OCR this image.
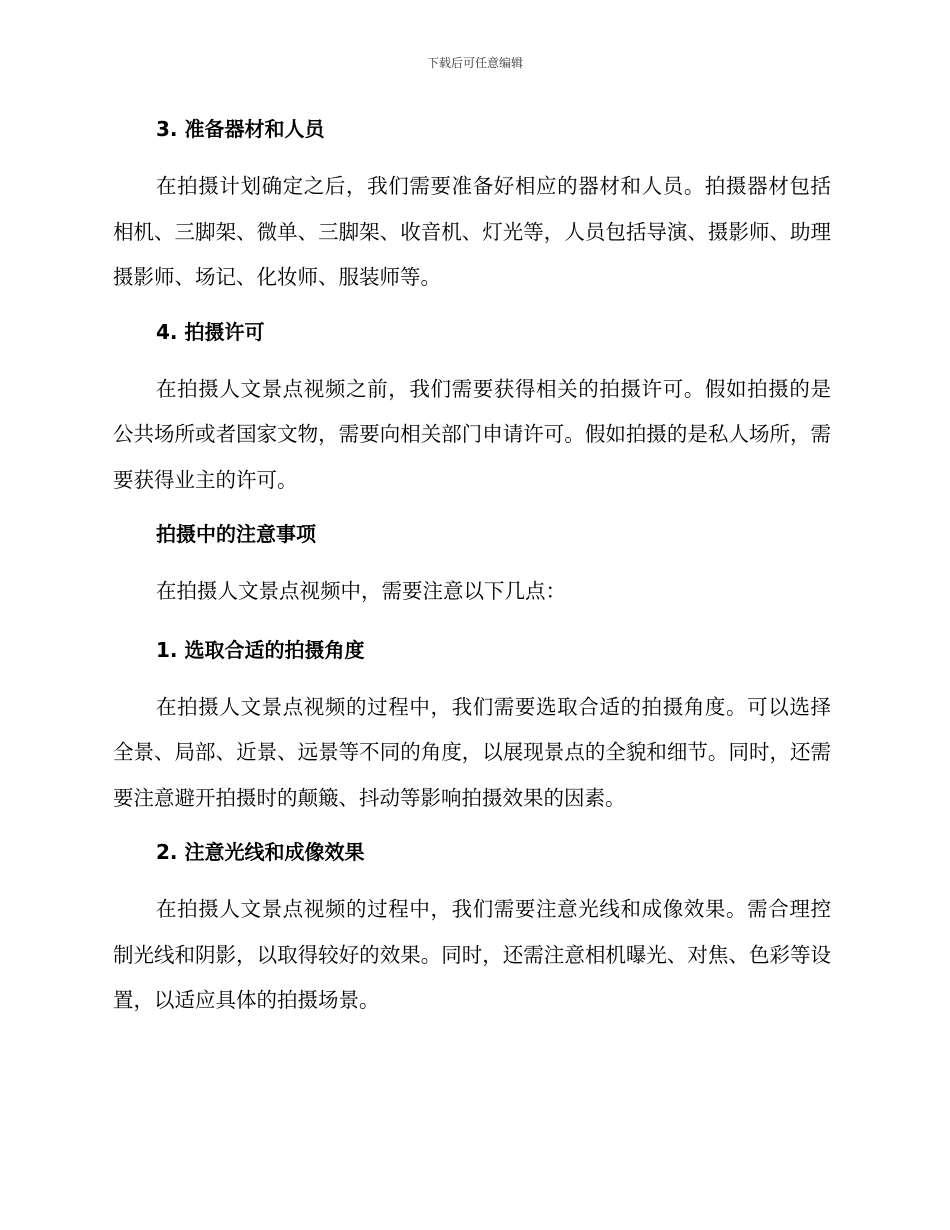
下载后可任意编辑
3. 准备器材和人员

在拍摄计划确定之后，我们需要准备好相应的器材和人员。拍摄器材包括相机、三脚架、微单、三脚架、收音机、灯光等，人员包括导演、摄影师、助理摄影师、场记、化妆师、服装师等。

4. 拍摄许可

在拍摄人文景点视频之前，我们需要获得相关的拍摄许可。假如拍摄的是公共场所或者国家文物，需要向相关部门申请许可。假如拍摄的是私人场所，需要获得业主的许可。

拍摄中的注意事项

在拍摄人文景点视频中，需要注意以下几点：

1. 选取合适的拍摄角度

在拍摄人文景点视频的过程中，我们需要选取合适的拍摄角度。可以选择全景、局部、近景、远景等不同的角度，以展现景点的全貌和细节。同时，还需要注意避开拍摄时的颠簸、抖动等影响拍摄效果的因素。

2. 注意光线和成像效果

在拍摄人文景点视频的过程中，我们需要注意光线和成像效果。需合理控制光线和阴影，以取得较好的效果。同时，还需注意相机曝光、对焦、色彩等设置，以适应具体的拍摄场景。
